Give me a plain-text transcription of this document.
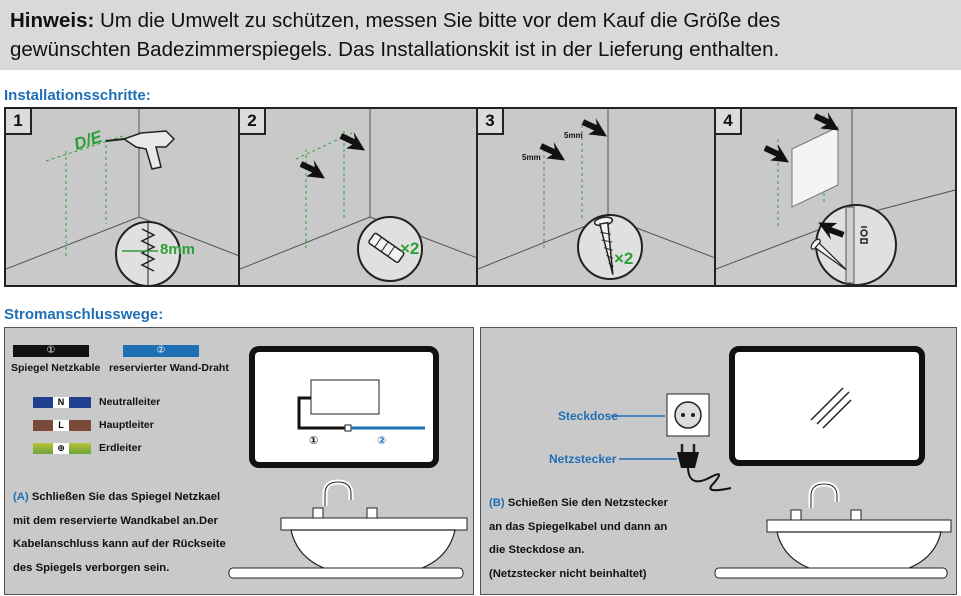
Hinweis: Um die Umwelt zu schützen, messen Sie bitte vor dem Kauf die Größe des
gewünschten Badezimmerspiegels. Das Installationskit ist in der Lieferung enthalten.

Installationsschritte:
1
D/E
8mm
2
×2
3
5mm
5mm
×2
4
Stromanschlusswege:
①
Spiegel Netzkable
②
reservierter Wand-Draht
N	Neutralleiter
L	Hauptleiter
⊕	Erdleiter
①	②
(A) Schließen Sie das Spiegel Netzkael
mit dem reservierte Wandkabel an.Der
Kabelanschluss kann auf der Rückseite
des Spiegels verborgen sein.
Steckdose
Netzstecker
(B) Schießen Sie den Netzstecker
an das Spiegelkabel und dann an
die Steckdose an.
(Netzstecker nicht beinhaltet)
